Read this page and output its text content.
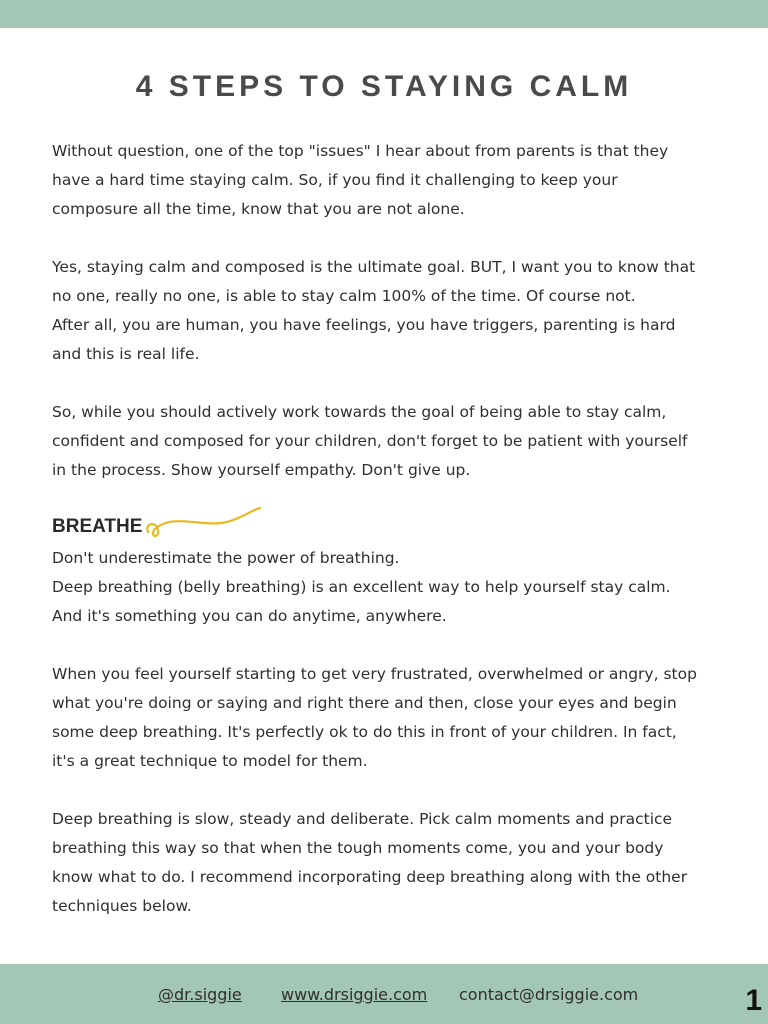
4 STEPS TO STAYING CALM

Without question, one of the top "issues" I hear about from parents is that they
have a hard time staying calm. So, if you find it challenging to keep your
composure all the time, know that you are not alone.

Yes, staying calm and composed is the ultimate goal. BUT, I want you to know that
no one, really no one, is able to stay calm 100% of the time. Of course not.
After all, you are human, you have feelings, you have triggers, parenting is hard
and this is real life.

So, while you should actively work towards the goal of being able to stay calm,
confident and composed for your children, don't forget to be patient with yourself
in the process. Show yourself empathy. Don't give up.

BREATHE

Don't underestimate the power of breathing.
Deep breathing (belly breathing) is an excellent way to help yourself stay calm.
And it's something you can do anytime, anywhere.

When you feel yourself starting to get very frustrated, overwhelmed or angry, stop
what you're doing or saying and right there and then, close your eyes and begin
some deep breathing. It's perfectly ok to do this in front of your children. In fact,
it's a great technique to model for them.

Deep breathing is slow, steady and deliberate. Pick calm moments and practice
breathing this way so that when the tough moments come, you and your body
know what to do. I recommend incorporating deep breathing along with the other
techniques below.

@dr.siggie www.drsiggie.com contact@drsiggie.com	1
